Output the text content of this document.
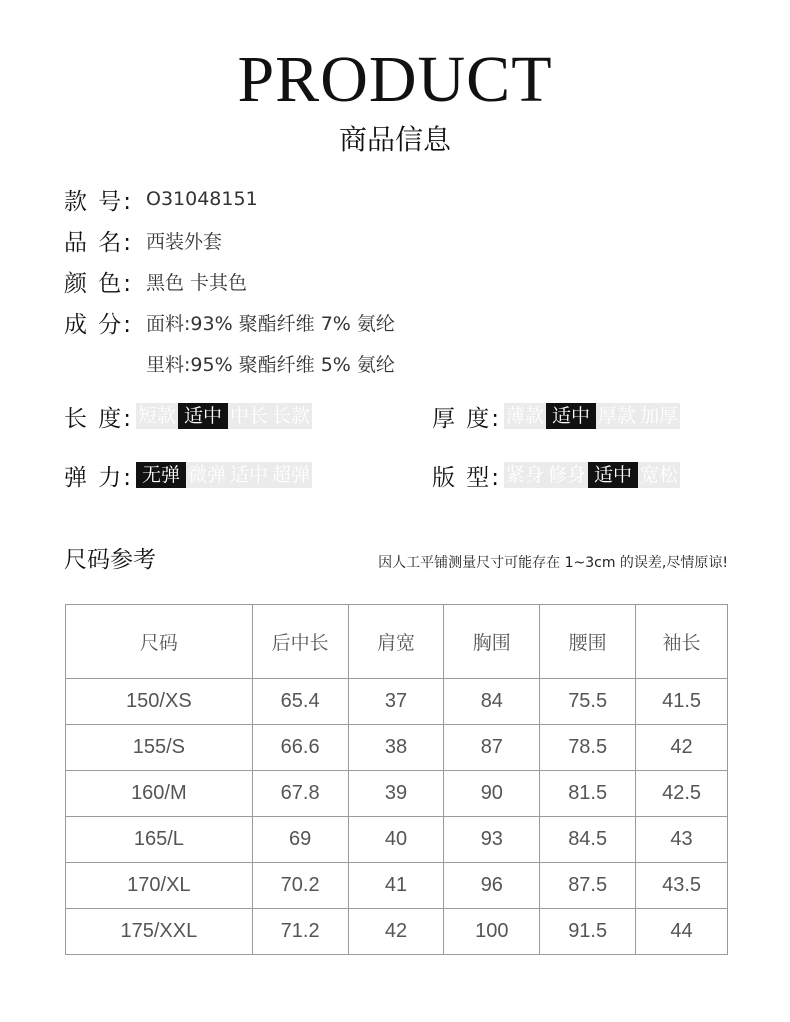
PRODUCT
商品信息
款 号: O31048151
品 名: 西装外套
颜 色: 黑色 卡其色
成 分: 面料:93% 聚酯纤维 7% 氨纶
里料:95% 聚酯纤维 5% 氨纶
长 度: 短款 适中 中长 长款	厚 度: 薄款 适中 厚款 加厚
弹 力: 无弹 微弹 适中 超弹	版 型: 紧身 修身 适中 宽松
尺码参考	因人工平铺测量尺寸可能存在 1~3cm 的误差,尽情原谅!
尺码	后中长	肩宽	胸围	腰围	袖长
150/XS	65.4	37	84	75.5	41.5
155/S	66.6	38	87	78.5	42
160/M	67.8	39	90	81.5	42.5
165/L	69	40	93	84.5	43
170/XL	70.2	41	96	87.5	43.5
175/XXL	71.2	42	100	91.5	44
